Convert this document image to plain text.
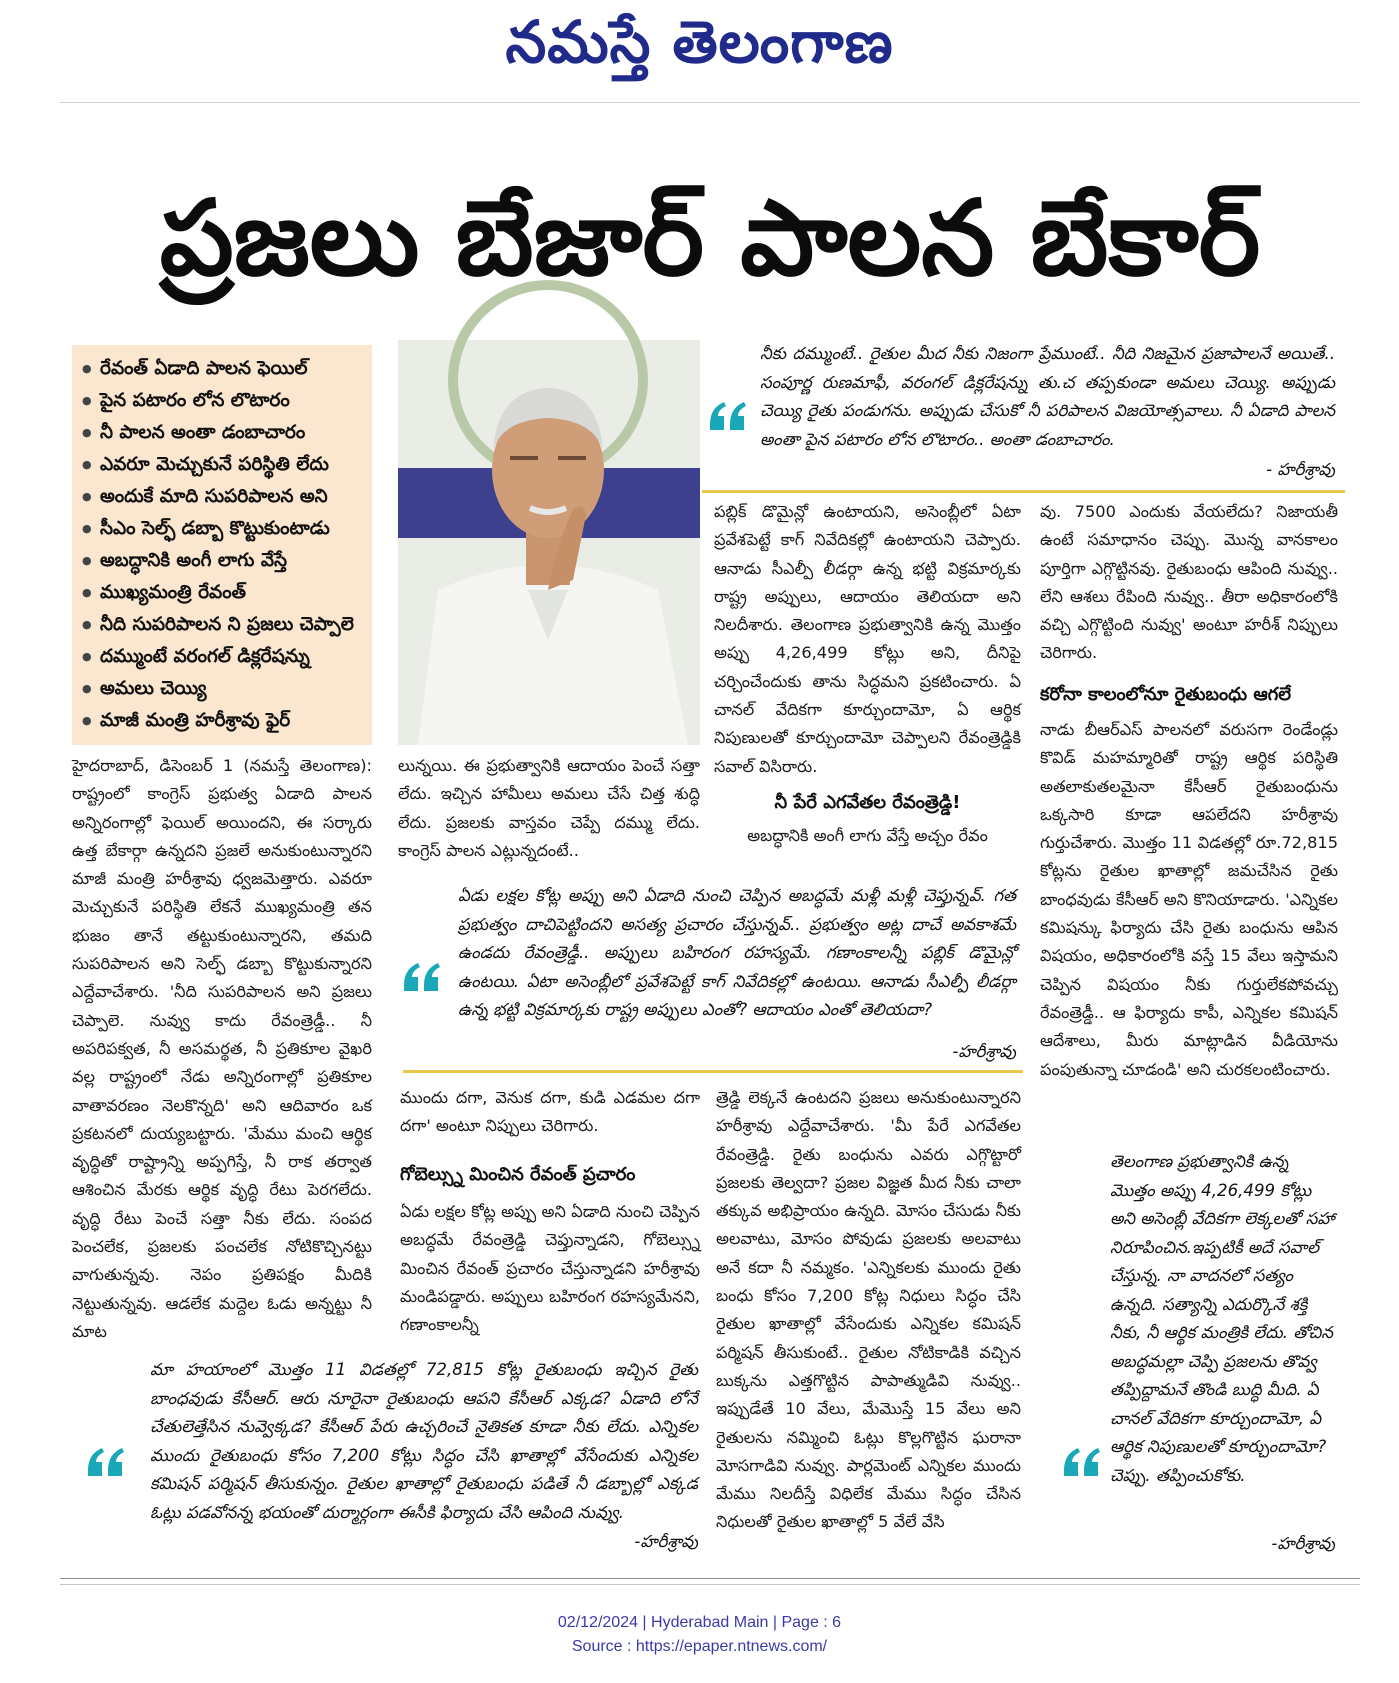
నమస్తే తెలంగాణ
ప్రజలు బేజార్ పాలన బేకార్
● రేవంత్ ఏడాది పాలన ఫెయిల్
● పైన పటారం లోన లొటారం
● నీ పాలన అంతా డంబాచారం
● ఎవరూ మెచ్చుకునే పరిస్థితి లేదు
● అందుకే మాది సుపరిపాలన అని
● సీఎం సెల్ఫ్ డబ్బా కొట్టుకుంటాడు
● అబద్ధానికి అంగీ లాగు వేస్తే
● ముఖ్యమంత్రి రేవంత్
● నీది సుపరిపాలన ని ప్రజలు చెప్పాలె
● దమ్ముంటే వరంగల్ డిక్లరేషన్ను
● అమలు చెయ్యి
● మాజీ మంత్రి హరీశ్రావు ఫైర్
నీకు దమ్ముంటే.. రైతుల మీద నీకు నిజంగా ప్రేముంటే.. నీది నిజమైన ప్రజాపాలనే అయితే.. సంపూర్ణ రుణమాఫీ, వరంగల్ డిక్లరేషన్ను తు.చ తప్పకుండా అమలు చెయ్యి. అప్పుడు చెయ్యి రైతు పండుగను. అప్పుడు చేసుకో నీ పరిపాలన విజయోత్సవాలు. నీ ఏడాది పాలన అంతా పైన పటారం లోన లొటారం.. అంతా డంబాచారం.
- హరీశ్రావు
హైదరాబాద్, డిసెంబర్ 1 (నమస్తే తెలంగాణ): రాష్ట్రంలో కాంగ్రెస్ ప్రభుత్వ ఏడాది పాలన అన్నిరంగాల్లో ఫెయిల్ అయిందని, ఈ సర్కారు ఉత్త బేకార్గా ఉన్నదని ప్రజలే అనుకుంటున్నారని మాజీ మంత్రి హరీశ్రావు ధ్వజమెత్తారు. ఎవరూ మెచ్చుకునే పరిస్థితి లేకనే ముఖ్యమంత్రి తన భుజం తానే తట్టుకుంటున్నారని, తమది సుపరిపాలన అని సెల్ఫ్ డబ్బా కొట్టుకున్నారని ఎద్దేవాచేశారు. 'నీది సుపరిపాలన అని ప్రజలు చెప్పాలె. నువ్వు కాదు రేవంత్రెడ్డీ.. నీ అపరిపక్వత, నీ అసమర్థత, నీ ప్రతికూల వైఖరి వల్ల రాష్ట్రంలో నేడు అన్నిరంగాల్లో ప్రతికూల వాతావరణం నెలకొన్నది' అని ఆదివారం ఒక ప్రకటనలో దుయ్యబట్టారు. 'మేము మంచి ఆర్థిక వృద్ధితో రాష్ట్రాన్ని అప్పగిస్తే, నీ రాక తర్వాత ఆశించిన మేరకు ఆర్థిక వృద్ధి రేటు పెరగలేదు. వృద్ధి రేటు పెంచే సత్తా నీకు లేదు. సంపద పెంచలేక, ప్రజలకు పంచలేక నోటికొచ్చినట్టు వాగుతున్నవు. నెపం ప్రతిపక్షం మీదికి నెట్టుతున్నవు. ఆడలేక మద్దెల ఓడు అన్నట్టు నీ మాట
లున్నయి. ఈ ప్రభుత్వానికి ఆదాయం పెంచే సత్తా లేదు. ఇచ్చిన హామీలు అమలు చేసే చిత్త శుద్ధి లేదు. ప్రజలకు వాస్తవం చెప్పే దమ్ము లేదు. కాంగ్రెస్ పాలన ఎట్లున్నదంటే..
పబ్లిక్ డొమైన్లో ఉంటాయని, అసెంబ్లీలో ఏటా ప్రవేశపెట్టే కాగ్ నివేదికల్లో ఉంటాయని చెప్పారు. ఆనాడు సీఎల్పీ లీడర్గా ఉన్న భట్టి విక్రమార్కకు రాష్ట్ర అప్పులు, ఆదాయం తెలియదా అని నిలదీశారు. తెలంగాణ ప్రభుత్వానికి ఉన్న మొత్తం అప్పు 4,26,499 కోట్లు అని, దీనిపై చర్చించేందుకు తాను సిద్ధమని ప్రకటించారు. ఏ చానల్ వేదికగా కూర్చుందామో, ఏ ఆర్థిక నిపుణులతో కూర్చుందామో చెప్పాలని రేవంత్రెడ్డికి సవాల్ విసిరారు.
నీ పేరే ఎగవేతల రేవంత్రెడ్డి!
అబద్ధానికి అంగీ లాగు వేస్తే అచ్చం రేవం
వు. 7500 ఎందుకు వేయలేదు? నిజాయతీ ఉంటే సమాధానం చెప్పు. మొన్న వానకాలం పూర్తిగా ఎగ్గొట్టినవు. రైతుబంధు ఆపింది నువ్వు.. లేని ఆశలు రేపింది నువ్వు.. తీరా అధికారంలోకి వచ్చి ఎగ్గొట్టింది నువ్వు' అంటూ హరీశ్ నిప్పులు చెరిగారు.
కరోనా కాలంలోనూ రైతుబంధు ఆగలే
నాడు బీఆర్ఎస్ పాలనలో వరుసగా రెండేండ్లు కొవిడ్ మహమ్మారితో రాష్ట్ర ఆర్థిక పరిస్థితి అతలాకుతలమైనా కేసీఆర్ రైతుబంధును ఒక్కసారి కూడా ఆపలేదని హరీశ్రావు గుర్తుచేశారు. మొత్తం 11 విడతల్లో రూ.72,815 కోట్లను రైతుల ఖాతాల్లో జమచేసిన రైతు బాంధవుడు కేసీఆర్ అని కొనియాడారు. 'ఎన్నికల కమిషన్కు ఫిర్యాదు చేసి రైతు బంధును ఆపిన విషయం, అధికారంలోకి వస్తే 15 వేలు ఇస్తామని చెప్పిన విషయం నీకు గుర్తులేకపోవచ్చు రేవంత్రెడ్డీ.. ఆ ఫిర్యాదు కాపీ, ఎన్నికల కమిషన్ ఆదేశాలు, మీరు మాట్లాడిన వీడియోను పంపుతున్నా చూడండి' అని చురకలంటించారు.
ఏడు లక్షల కోట్ల అప్పు అని ఏడాది నుంచి చెప్పిన అబద్ధమే మళ్లీ మళ్లీ చెప్తున్నవ్. గత ప్రభుత్వం దాచిపెట్టిందని అసత్య ప్రచారం చేస్తున్నవ్.. ప్రభుత్వం అట్ల దాచే అవకాశమే ఉండదు రేవంత్రెడ్డీ.. అప్పులు బహిరంగ రహస్యమే. గణాంకాలన్నీ పబ్లిక్ డొమైన్లో ఉంటయి. ఏటా అసెంబ్లీలో ప్రవేశపెట్టే కాగ్ నివేదికల్లో ఉంటయి. ఆనాడు సీఎల్పీ లీడర్గా ఉన్న భట్టి విక్రమార్కకు రాష్ట్ర అప్పులు ఎంతో? ఆదాయం ఎంతో తెలియదా?
-హరీశ్రావు
ముందు దగా, వెనుక దగా, కుడి ఎడమల దగా దగా' అంటూ నిప్పులు చెరిగారు.
గోబెల్స్ను మించిన రేవంత్ ప్రచారం
ఏడు లక్షల కోట్ల అప్పు అని ఏడాది నుంచి చెప్పిన అబద్ధమే రేవంత్రెడ్డి చెప్తున్నాడని, గోబెల్స్ను మించిన రేవంత్ ప్రచారం చేస్తున్నాడని హరీశ్రావు మండిపడ్డారు. అప్పులు బహిరంగ రహస్యమేనని, గణాంకాలన్నీ
త్రెడ్డి లెక్కనే ఉంటదని ప్రజలు అనుకుంటున్నారని హరీశ్రావు ఎద్దేవాచేశారు. 'మీ పేరే ఎగవేతల రేవంత్రెడ్డి. రైతు బంధును ఎవరు ఎగ్గొట్టారో ప్రజలకు తెల్వదా? ప్రజల విజ్ఞత మీద నీకు చాలా తక్కువ అభిప్రాయం ఉన్నది. మోసం చేసుడు నీకు అలవాటు, మోసం పోవుడు ప్రజలకు అలవాటు అనే కదా నీ నమ్మకం. 'ఎన్నికలకు ముందు రైతు బంధు కోసం 7,200 కోట్ల నిధులు సిద్ధం చేసి రైతుల ఖాతాల్లో వేసేందుకు ఎన్నికల కమిషన్ పర్మిషన్ తీసుకుంటే.. రైతుల నోటికాడికి వచ్చిన బుక్కను ఎత్తగొట్టిన పాపాత్ముడివి నువ్వు.. ఇప్పుడేతే 10 వేలు, మేమొస్తే 15 వేలు అని రైతులను నమ్మించి ఓట్లు కొల్లగొట్టిన ఘరానా మోసగాడివి నువ్వు. పార్లమెంట్ ఎన్నికల ముందు మేము నిలదీస్తే విధిలేక మేము సిద్ధం చేసిన నిధులతో రైతుల ఖాతాల్లో 5 వేలే వేసి
మా హయాంలో మొత్తం 11 విడతల్లో 72,815 కోట్ల రైతుబంధు ఇచ్చిన రైతు బాంధవుడు కేసీఆర్. ఆరు నూరైనా రైతుబంధు ఆపని కేసీఆర్ ఎక్కడ? ఏడాది లోనే చేతులెత్తేసిన నువ్వెక్కడ? కేసీఆర్ పేరు ఉచ్చరించే నైతికత కూడా నీకు లేదు. ఎన్నికల ముందు రైతుబంధు కోసం 7,200 కోట్లు సిద్ధం చేసి ఖాతాల్లో వేసేందుకు ఎన్నికల కమిషన్ పర్మిషన్ తీసుకున్నం. రైతుల ఖాతాల్లో రైతుబంధు పడితే నీ డబ్బాల్లో ఎక్కడ ఓట్లు పడవోనన్న భయంతో దుర్మార్గంగా ఈసీకి ఫిర్యాదు చేసి ఆపింది నువ్వు.
-హరీశ్రావు
తెలంగాణ ప్రభుత్వానికి ఉన్న మొత్తం అప్పు 4,26,499 కోట్లు అని అసెంబ్లీ వేదికగా లెక్కలతో సహా నిరూపించిన.ఇప్పటికీ అదే సవాల్ చేస్తున్న. నా వాదనలో సత్యం ఉన్నది. సత్యాన్ని ఎదుర్కొనే శక్తి నీకు, నీ ఆర్థిక మంత్రికి లేదు. తోచిన అబద్ధమల్లా చెప్పి ప్రజలను తొవ్వ తప్పిద్దామనే తొండి బుద్ధి మీది. ఏ చానల్ వేదికగా కూర్చుందామో, ఏ ఆర్థిక నిపుణులతో కూర్చుందామో? చెప్పు. తప్పించుకోకు.
-హరీశ్రావు
02/12/2024 | Hyderabad Main | Page : 6
Source : https://epaper.ntnews.com/
